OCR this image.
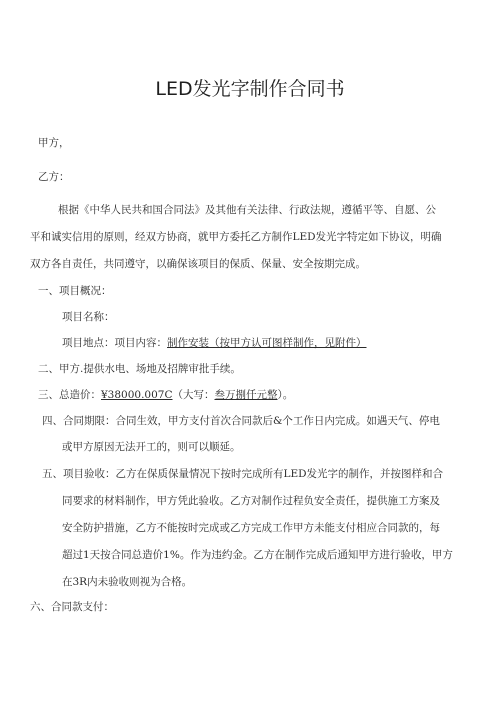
LED发光字制作合同书
甲方，
乙方：
根据《中华人民共和国合同法》及其他有关法律、行政法规，遵循平等、自愿、公
平和诚实信用的原则，经双方协商，就甲方委托乙方制作LED发光字特定如下协议，明确
双方各自责任，共同遵守，以确保该项目的保质、保量、安全按期完成。
一、项目概况：
项目名称：
项目地点：项目内容：制作安装（按甲方认可图样制作，见附件）
二、甲方.提供水电、场地及招牌审批手续。
三、总造价：¥38000.007C（大写：叁万捌仟元整）。
四、合同期限：合同生效，甲方支付首次合同款后&个工作日内完成。如遇天气、停电
或甲方原因无法开工的，则可以顺延。
五、项目验收：乙方在保质保量情况下按时完成所有LED发光字的制作，并按图样和合
同要求的材料制作，甲方凭此验收。乙方对制作过程负安全责任，提供施工方案及
安全防护措施，乙方不能按时完成或乙方完成工作甲方未能支付相应合同款的，每
超过1天按合同总造价1%。作为违约金。乙方在制作完成后通知甲方进行验收，甲方
在3R内未验收则视为合格。
六、合同款支付：
